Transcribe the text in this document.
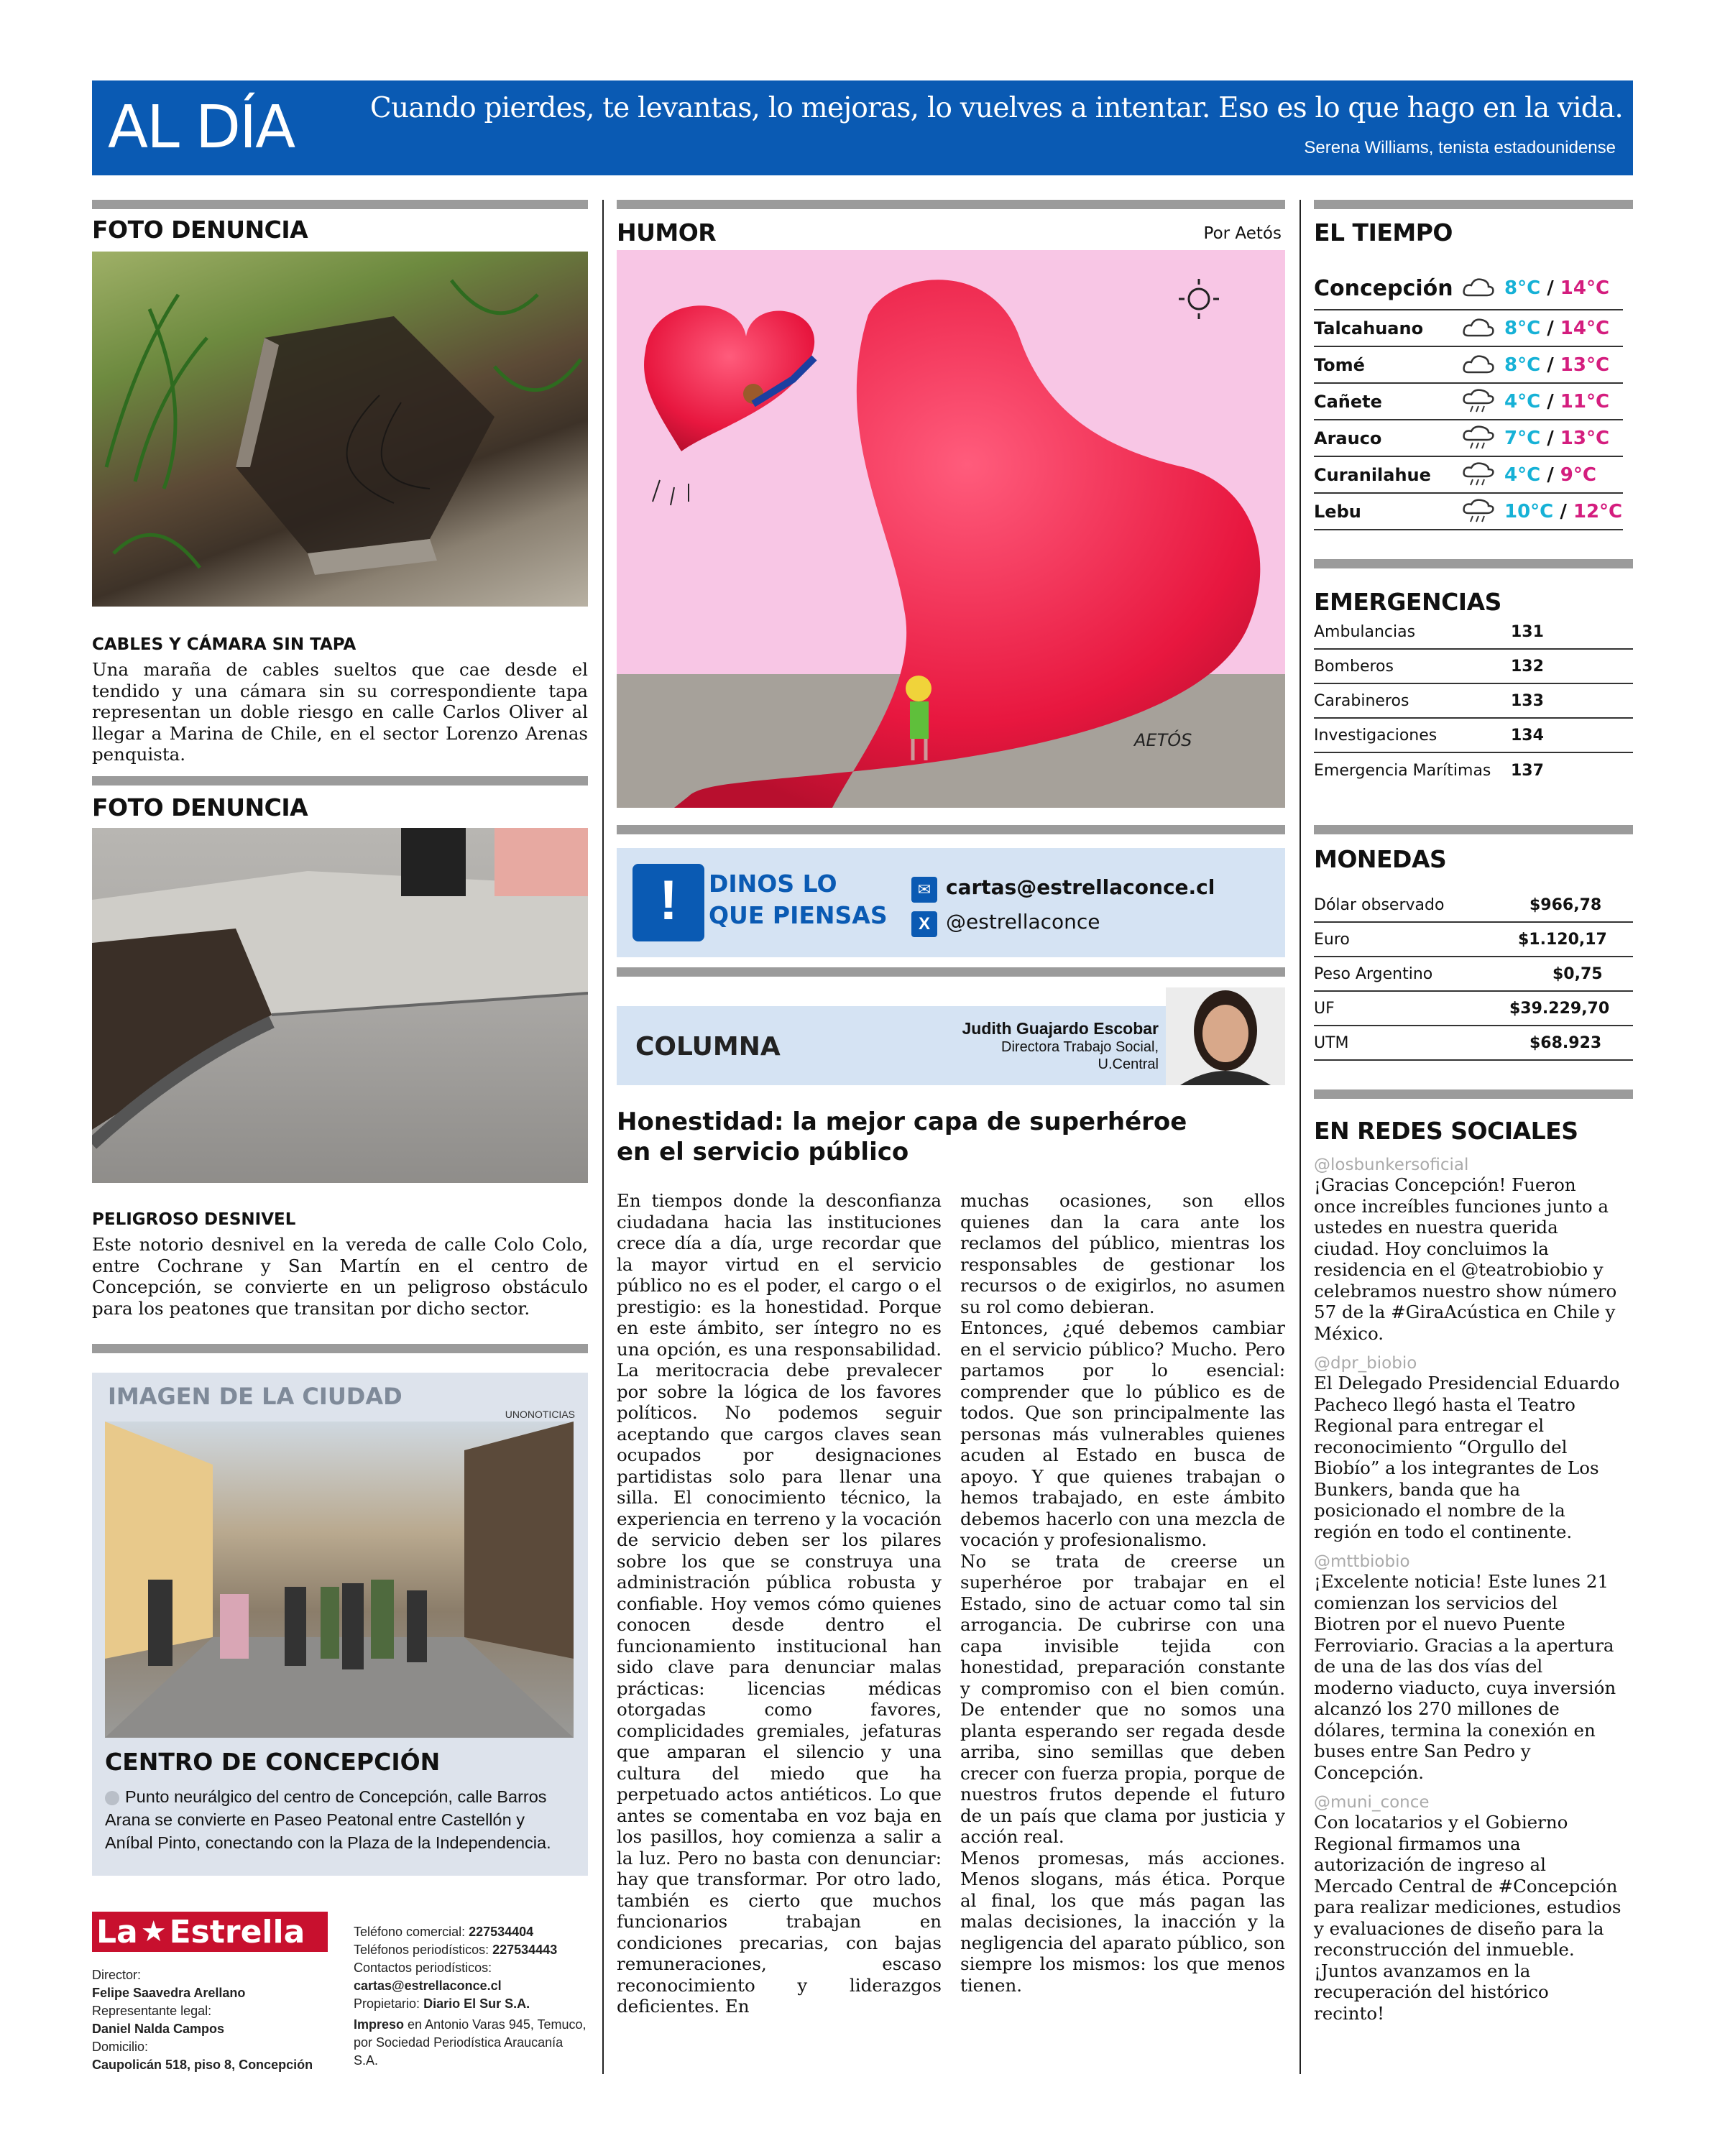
AL DÍA	Cuando pierdes, te levantas, lo mejoras, lo vuelves a intentar. Eso es lo que hago en la vida.
Serena Williams, tenista estadounidense
FOTO DENUNCIA
CABLES Y CÁMARA SIN TAPA
Una maraña de cables sueltos que cae desde el tendido y una cámara sin su correspondiente tapa representan un doble riesgo en calle Carlos Oliver al llegar a Marina de Chile, en el sector Lorenzo Arenas penquista.
FOTO DENUNCIA
PELIGROSO DESNIVEL
Este notorio desnivel en la vereda de calle Colo Colo, entre Cochrane y San Martín en el centro de Concepción, se convierte en un peligroso obstáculo para los peatones que transitan por dicho sector.
IMAGEN DE LA CIUDAD
UNONOTICIAS
CENTRO DE CONCEPCIÓN
Punto neurálgico del centro de Concepción, calle Barros Arana se convierte en Paseo Peatonal entre Castellón y Aníbal Pinto, conectando con la Plaza de la Independencia.
La ★ Estrella
Director:
Felipe Saavedra Arellano
Representante legal:
Daniel Nalda Campos
Domicilio:
Caupolicán 518, piso 8, Concepción
Teléfono comercial: 227534404
Teléfonos periodísticos: 227534443
Contactos periodísticos:
cartas@estrellaconce.cl
Propietario: Diario El Sur S.A.
Impreso en Antonio Varas 945, Temuco, por Sociedad Periodística Araucanía S.A.
HUMOR	Por Aetós
AETÓS
!	DINOS LO
QUE PIENSAS
✉ cartas@estrellaconce.cl
X @estrellaconce
COLUMNA
Judith Guajardo Escobar
Directora Trabajo Social,
U.Central
Honestidad: la mejor capa de superhéroe
en el servicio público
En tiempos donde la desconfianza ciudadana hacia las instituciones crece día a día, urge recordar que la mayor virtud en el servicio público no es el poder, el cargo o el prestigio: es la honestidad. Porque en este ámbito, ser íntegro no es una opción, es una responsabilidad. La meritocracia debe prevalecer por sobre la lógica de los favores políticos. No podemos seguir aceptando que cargos claves sean ocupados por designaciones partidistas solo para llenar una silla. El conocimiento técnico, la experiencia en terreno y la vocación de servicio deben ser los pilares sobre los que se construya una administración pública robusta y confiable. Hoy vemos cómo quienes conocen desde dentro el funcionamiento institucional han sido clave para denunciar malas prácticas: licencias médicas otorgadas como favores, complicidades gremiales, jefaturas que amparan el silencio y una cultura del miedo que ha perpetuado actos antiéticos. Lo que antes se comentaba en voz baja en los pasillos, hoy comienza a salir a la luz. Pero no basta con denunciar: hay que transformar. Por otro lado, también es cierto que muchos funcionarios trabajan en condiciones precarias, con bajas remuneraciones, escaso reconocimiento y liderazgos deficientes. En

muchas ocasiones, son ellos quienes dan la cara ante los reclamos del público, mientras los responsables de gestionar los recursos o de exigirlos, no asumen su rol como debieran.

Entonces, ¿qué debemos cambiar en el servicio público? Mucho. Pero partamos por lo esencial: comprender que lo público es de todos. Que son principalmente las personas más vulnerables quienes acuden al Estado en busca de apoyo. Y que quienes trabajan o hemos trabajado, en este ámbito debemos hacerlo con una mezcla de vocación y profesionalismo.

No se trata de creerse un superhéroe por trabajar en el Estado, sino de actuar como tal sin arrogancia. De cubrirse con una capa invisible tejida con honestidad, preparación constante y compromiso con el bien común. De entender que no somos una planta esperando ser regada desde arriba, sino semillas que deben crecer con fuerza propia, porque de nuestros frutos depende el futuro de un país que clama por justicia y acción real.

Menos promesas, más acciones. Menos slogans, más ética. Porque al final, los que más pagan las malas decisiones, la inacción y la negligencia del aparato público, son siempre los mismos: los que menos tienen.

EL TIEMPO
Concepción	8°C / 14°C
Talcahuano	8°C / 14°C
Tomé	8°C / 13°C
Cañete	4°C / 11°C
Arauco	7°C / 13°C
Curanilahue	4°C / 9°C
Lebu	10°C / 12°C
EMERGENCIAS
Ambulancias	131
Bomberos	132
Carabineros	133
Investigaciones	134
Emergencia Marítimas 137
MONEDAS
Dólar observado	$966,78
Euro	$1.120,17
Peso Argentino	$0,75
UF	$39.229,70
UTM	$68.923
EN REDES SOCIALES
@losbunkersoficial
¡Gracias Concepción! Fueron once increíbles funciones junto a ustedes en nuestra querida ciudad. Hoy concluimos la residencia en el @teatrobiobio y celebramos nuestro show número 57 de la #GiraAcústica en Chile y México.
@dpr_biobio
El Delegado Presidencial Eduardo Pacheco llegó hasta el Teatro Regional para entregar el reconocimiento “Orgullo del Biobío” a los integrantes de Los Bunkers, banda que ha posicionado el nombre de la región en todo el continente.
@mttbiobio
¡Excelente noticia! Este lunes 21 comienzan los servicios del Biotren por el nuevo Puente Ferroviario. Gracias a la apertura de una de las dos vías del moderno viaducto, cuya inversión alcanzó los 270 millones de dólares, termina la conexión en buses entre San Pedro y Concepción.
@muni_conce
Con locatarios y el Gobierno Regional firmamos una autorización de ingreso al Mercado Central de #Concepción para realizar mediciones, estudios y evaluaciones de diseño para la reconstrucción del inmueble. ¡Juntos avanzamos en la recuperación del histórico recinto!
